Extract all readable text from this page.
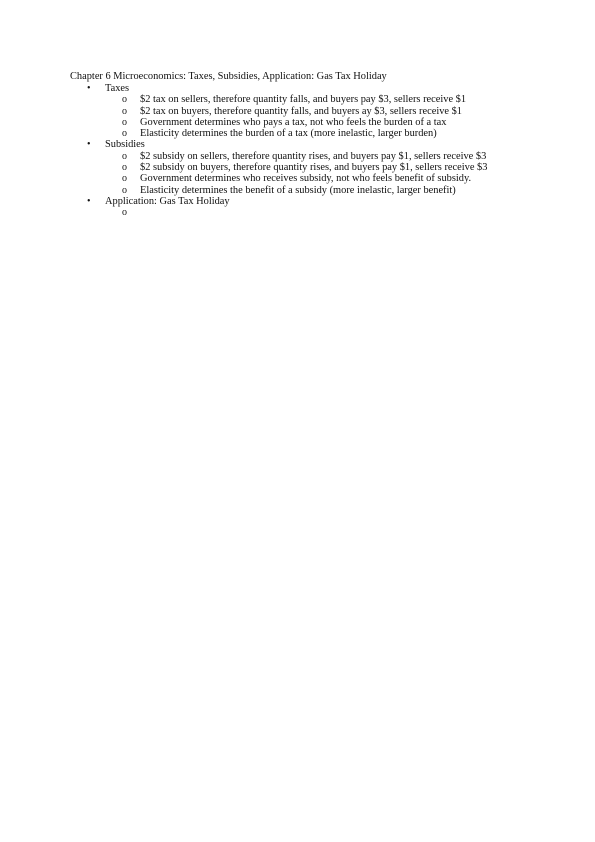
Chapter 6 Microeconomics: Taxes, Subsidies, Application: Gas Tax Holiday
• Taxes
o $2 tax on sellers, therefore quantity falls, and buyers pay $3, sellers receive $1
o $2 tax on buyers, therefore quantity falls, and buyers ay $3, sellers receive $1
o Government determines who pays a tax, not who feels the burden of a tax
o Elasticity determines the burden of a tax (more inelastic, larger burden)
• Subsidies
o $2 subsidy on sellers, therefore quantity rises, and buyers pay $1, sellers receive $3
o $2 subsidy on buyers, therefore quantity rises, and buyers pay $1, sellers receive $3
o Government determines who receives subsidy, not who feels benefit of subsidy.
o Elasticity determines the benefit of a subsidy (more inelastic, larger benefit)
• Application: Gas Tax Holiday
o
